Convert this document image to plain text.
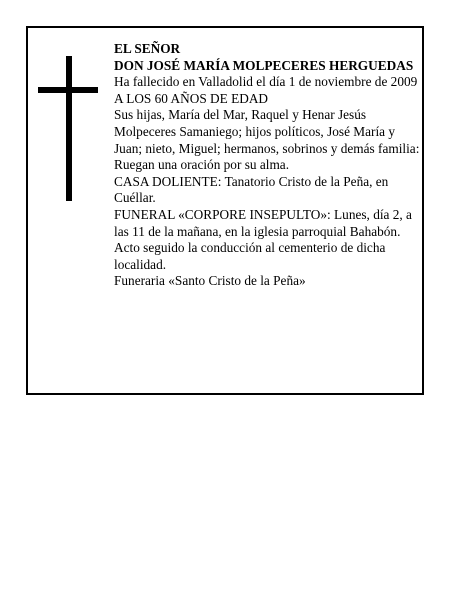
EL SEÑOR

DON JOSÉ MARÍA MOLPECERES HERGUEDAS

Ha fallecido en Valladolid el día 1 de noviembre de 2009

A LOS 60 AÑOS DE EDAD

Sus hijas, María del Mar, Raquel y Henar Jesús Molpeceres Samaniego; hijos políticos, José María y Juan; nieto, Miguel; hermanos, sobrinos y demás familia:

Ruegan una oración por su alma.

CASA DOLIENTE: Tanatorio Cristo de la Peña, en Cuéllar.

FUNERAL «CORPORE INSEPULTO»: Lunes, día 2, a las 11 de la mañana, en la iglesia parroquial Bahabón.

Acto seguido la conducción al cementerio de dicha localidad.

Funeraria «Santo Cristo de la Peña»
